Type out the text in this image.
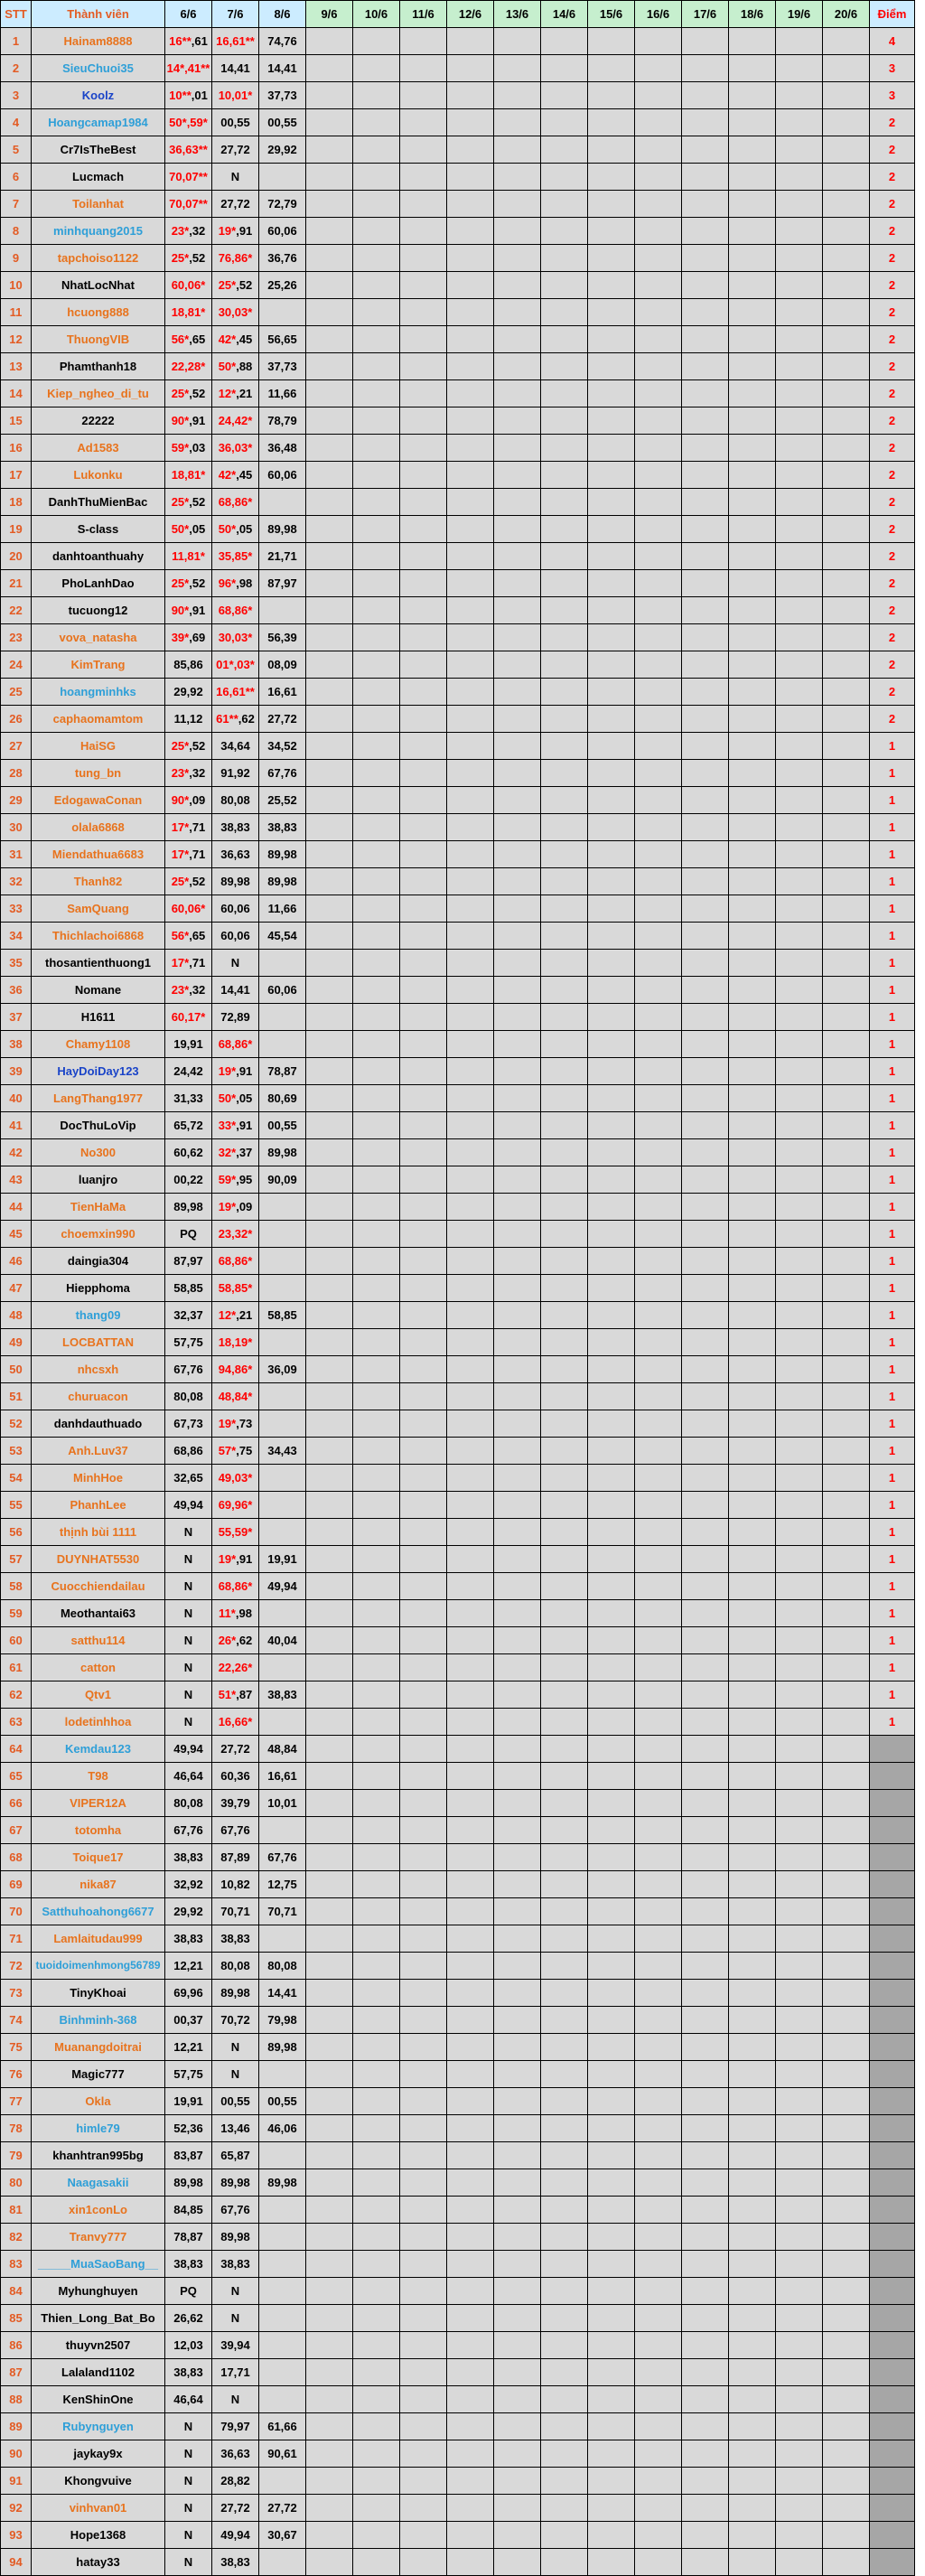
STT	Thành viên	6/6	7/6	8/6	9/6	10/6	11/6	12/6	13/6	14/6	15/6	16/6	17/6	18/6	19/6	20/6	Điểm
1	Hainam8888	16**,61	16,61**	74,76													4
2	SieuChuoi35	14*,41**	14,41	14,41													3
3	Koolz	10**,01	10,01*	37,73													3
4	Hoangcamap1984	50*,59*	00,55	00,55													2
5	Cr7IsTheBest	36,63**	27,72	29,92													2
6	Lucmach	70,07**	N														2
7	Toilanhat	70,07**	27,72	72,79													2
8	minhquang2015	23*,32	19*,91	60,06													2
9	tapchoiso1122	25*,52	76,86*	36,76													2
10	NhatLocNhat	60,06*	25*,52	25,26													2
11	hcuong888	18,81*	30,03*														2
12	ThuongVIB	56*,65	42*,45	56,65													2
13	Phamthanh18	22,28*	50*,88	37,73													2
14	Kiep_ngheo_di_tu	25*,52	12*,21	11,66													2
15	22222	90*,91	24,42*	78,79													2
16	Ad1583	59*,03	36,03*	36,48													2
17	Lukonku	18,81*	42*,45	60,06													2
18	DanhThuMienBac	25*,52	68,86*														2
19	S-class	50*,05	50*,05	89,98													2
20	danhtoanthuahy	11,81*	35,85*	21,71													2
21	PhoLanhDao	25*,52	96*,98	87,97													2
22	tucuong12	90*,91	68,86*														2
23	vova_natasha	39*,69	30,03*	56,39													2
24	KimTrang	85,86	01*,03*	08,09													2
25	hoangminhks	29,92	16,61**	16,61													2
26	caphaomamtom	11,12	61**,62	27,72													2
27	HaiSG	25*,52	34,64	34,52													1
28	tung_bn	23*,32	91,92	67,76													1
29	EdogawaConan	90*,09	80,08	25,52													1
30	olala6868	17*,71	38,83	38,83													1
31	Miendathua6683	17*,71	36,63	89,98													1
32	Thanh82	25*,52	89,98	89,98													1
33	SamQuang	60,06*	60,06	11,66													1
34	Thichlachoi6868	56*,65	60,06	45,54													1
35	thosantienthuong1	17*,71	N														1
36	Nomane	23*,32	14,41	60,06													1
37	H1611	60,17*	72,89														1
38	Chamy1108	19,91	68,86*														1
39	HayDoiDay123	24,42	19*,91	78,87													1
40	LangThang1977	31,33	50*,05	80,69													1
41	DocThuLoVip	65,72	33*,91	00,55													1
42	No300	60,62	32*,37	89,98													1
43	luanjro	00,22	59*,95	90,09													1
44	TienHaMa	89,98	19*,09														1
45	choemxin990	PQ	23,32*														1
46	daingia304	87,97	68,86*														1
47	Hiepphoma	58,85	58,85*														1
48	thang09	32,37	12*,21	58,85													1
49	LOCBATTAN	57,75	18,19*														1
50	nhcsxh	67,76	94,86*	36,09													1
51	churuacon	80,08	48,84*														1
52	danhdauthuado	67,73	19*,73														1
53	Anh.Luv37	68,86	57*,75	34,43													1
54	MinhHoe	32,65	49,03*														1
55	PhanhLee	49,94	69,96*														1
56	thịnh bùi 1111	N	55,59*														1
57	DUYNHAT5530	N	19*,91	19,91													1
58	Cuocchiendailau	N	68,86*	49,94													1
59	Meothantai63	N	11*,98														1
60	satthu114	N	26*,62	40,04													1
61	catton	N	22,26*														1
62	Qtv1	N	51*,87	38,83													1
63	lodetinhhoa	N	16,66*														1
64	Kemdau123	49,94	27,72	48,84													
65	T98	46,64	60,36	16,61													
66	VIPER12A	80,08	39,79	10,01													
67	totomha	67,76	67,76														
68	Toique17	38,83	87,89	67,76													
69	nika87	32,92	10,82	12,75													
70	Satthuhoahong6677	29,92	70,71	70,71													
71	Lamlaitudau999	38,83	38,83														
72	tuoidoimenhmong56789	12,21	80,08	80,08													
73	TinyKhoai	69,96	89,98	14,41													
74	Binhminh-368	00,37	70,72	79,98													
75	Muanangdoitrai	12,21	N	89,98													
76	Magic777	57,75	N														
77	Okla	19,91	00,55	00,55													
78	himle79	52,36	13,46	46,06													
79	khanhtran995bg	83,87	65,87														
80	Naagasakii	89,98	89,98	89,98													
81	xin1conLo	84,85	67,76														
82	Tranvy777	78,87	89,98														
83	_____MuaSaoBang__	38,83	38,83														
84	Myhunghuyen	PQ	N														
85	Thien_Long_Bat_Bo	26,62	N														
86	thuyvn2507	12,03	39,94														
87	Lalaland1102	38,83	17,71														
88	KenShinOne	46,64	N														
89	Rubynguyen	N	79,97	61,66													
90	jaykay9x	N	36,63	90,61													
91	Khongvuive	N	28,82														
92	vinhvan01	N	27,72	27,72													
93	Hope1368	N	49,94	30,67													
94	hatay33	N	38,83														
